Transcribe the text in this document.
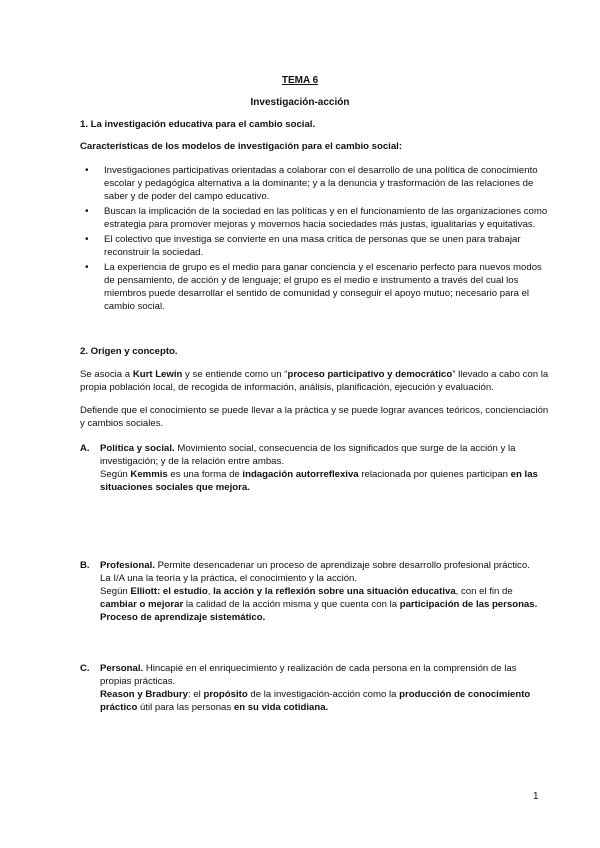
TEMA 6
Investigación-acción

1. La investigación educativa para el cambio social.

Características de los modelos de investigación para el cambio social:

• Investigaciones participativas orientadas a colaborar con el desarrollo de una política de conocimiento escolar y pedagógica alternativa a la dominante; y a la denuncia y trasformación de las relaciones de saber y de poder del campo educativo.
• Buscan la implicación de la sociedad en las políticas y en el funcionamiento de las organizaciones como estrategia para promover mejoras y movernos hacia sociedades más justas, igualitarias y equitativas.
• El colectivo que investiga se convierte en una masa crítica de personas que se unen para trabajar reconstruir la sociedad.
• La experiencia de grupo es el medio para ganar conciencia y el escenario perfecto para nuevos modos de pensamiento, de acción y de lenguaje; el grupo es el medio e instrumento a través del cual los miembros puede desarrollar el sentido de comunidad y conseguir el apoyo mutuo; necesario para el cambio social.

2. Origen y concepto.

Se asocia a Kurt Lewin y se entiende como un “proceso participativo y democrático” llevado a cabo con la propia población local, de recogida de información, análisis, planificación, ejecución y evaluación.

Defiende que el conocimiento se puede llevar a la práctica y se puede lograr avances teóricos, concienciación y cambios sociales.

A. Política y social. Movimiento social, consecuencia de los significados que surge de la acción y la investigación; y de la relación entre ambas.

Según Kemmis es una forma de indagación autorreflexiva relacionada por quienes participan en las situaciones sociales que mejora.

B. Profesional. Permite desencadenar un proceso de aprendizaje sobre desarrollo profesional práctico.

La I/A una la teoría y la práctica, el conocimiento y la acción.

Según Elliott: el estudio, la acción y la reflexión sobre una situación educativa, con el fin de cambiar o mejorar la calidad de la acción misma y que cuenta con la participación de las personas.

Proceso de aprendizaje sistemático.

C. Personal. Hincapié en el enriquecimiento y realización de cada persona en la comprensión de las propias prácticas.

Reason y Bradbury: el propósito de la investigación-acción como la producción de conocimiento práctico útil para las personas en su vida cotidiana.

1
